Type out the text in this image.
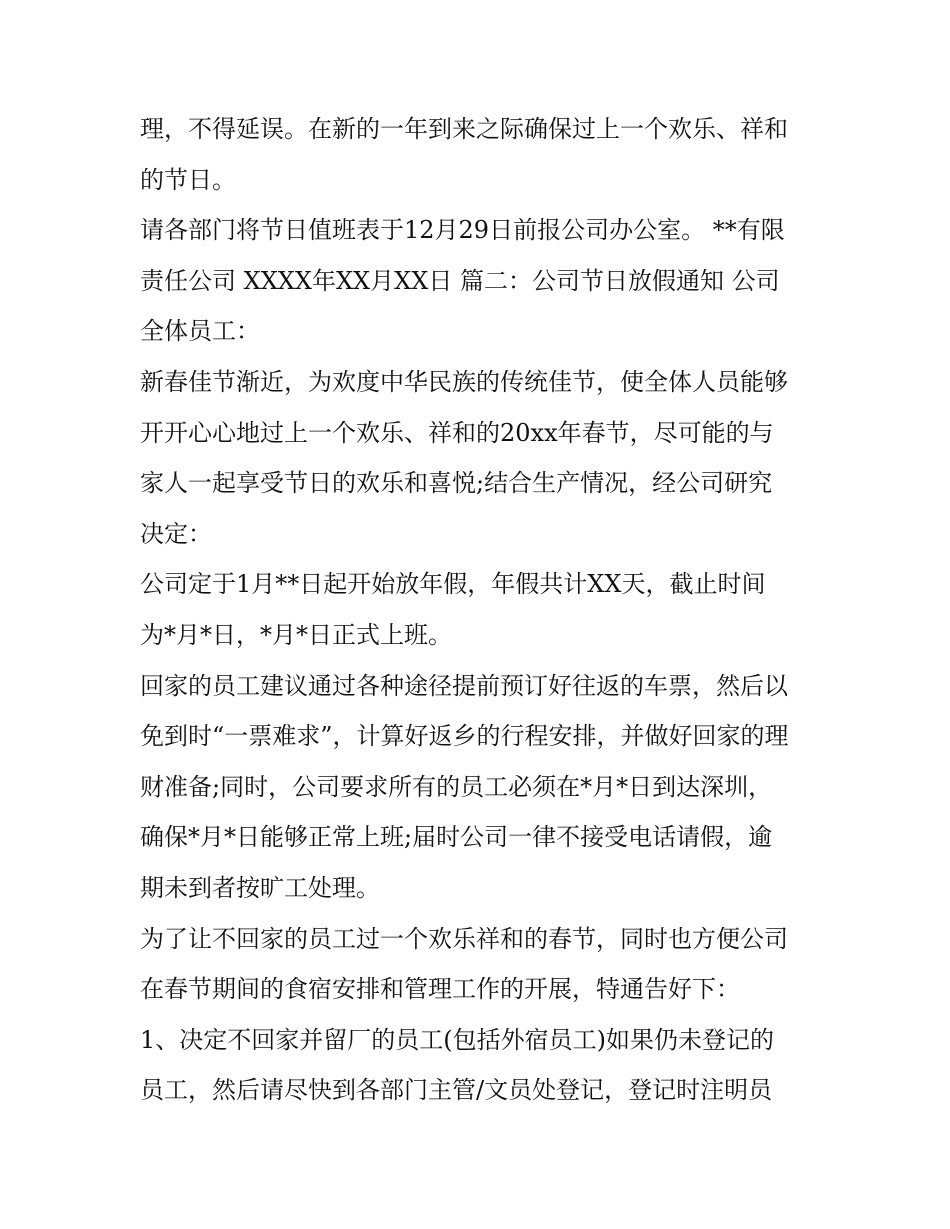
理，不得延误。在新的一年到来之际确保过上一个欢乐、祥和
的节日。
请各部门将节日值班表于12月29日前报公司办公室。 **有限
责任公司 XXXX年XX月XX日 篇二：公司节日放假通知 公司
全体员工：
新春佳节渐近，为欢度中华民族的传统佳节，使全体人员能够
开开心心地过上一个欢乐、祥和的20xx年春节，尽可能的与
家人一起享受节日的欢乐和喜悦;结合生产情况，经公司研究
决定：
公司定于1月**日起开始放年假，年假共计XX天，截止时间
为*月*日，*月*日正式上班。
回家的员工建议通过各种途径提前预订好往返的车票，然后以
免到时“一票难求”，计算好返乡的行程安排，并做好回家的理
财准备;同时，公司要求所有的员工必须在*月*日到达深圳，
确保*月*日能够正常上班;届时公司一律不接受电话请假，逾
期未到者按旷工处理。
为了让不回家的员工过一个欢乐祥和的春节，同时也方便公司
在春节期间的食宿安排和管理工作的开展，特通告好下：
1、决定不回家并留厂的员工(包括外宿员工)如果仍未登记的
员工，然后请尽快到各部门主管/文员处登记，登记时注明员
